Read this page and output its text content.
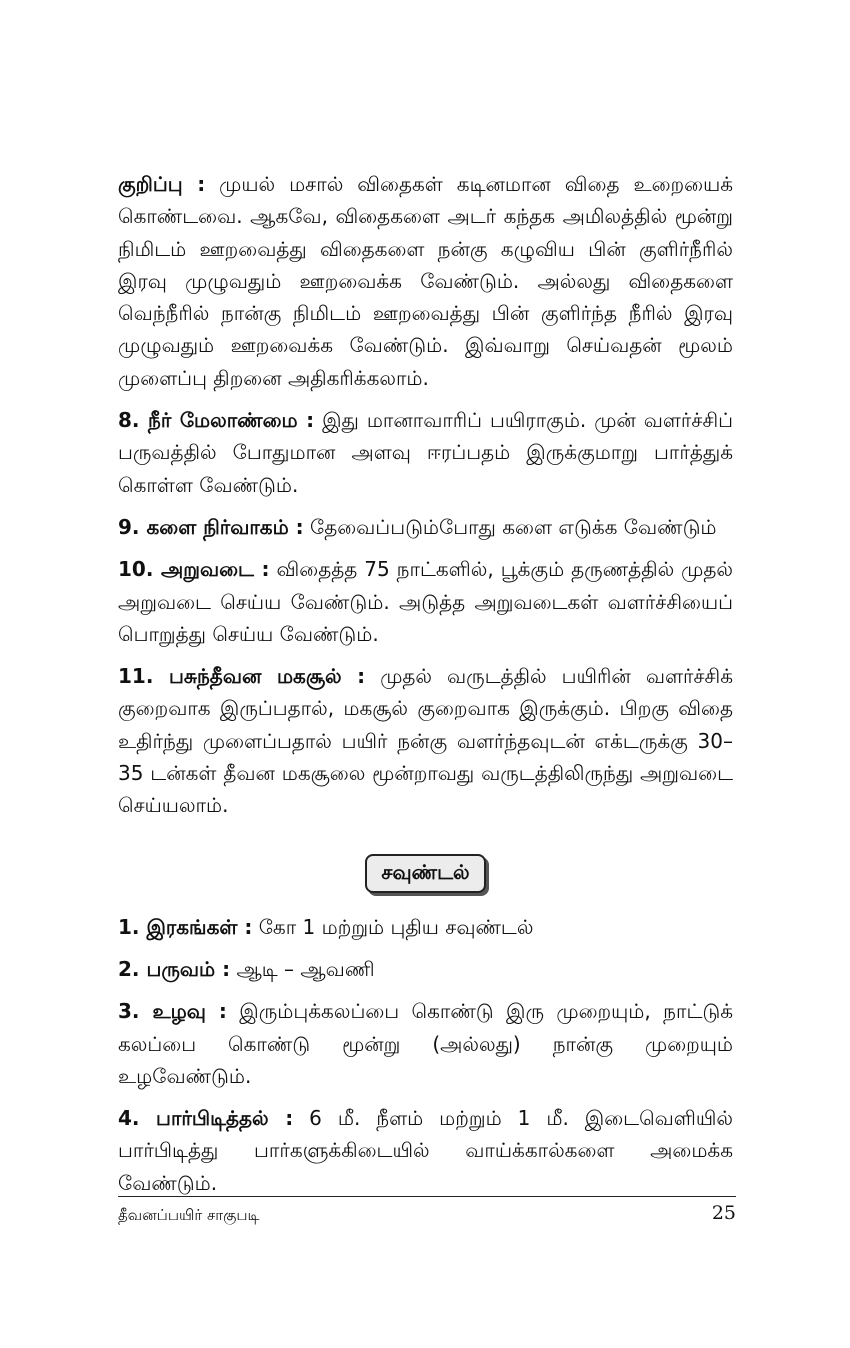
குறிப்பு : முயல் மசால் விதைகள் கடினமான விதை உறையைக் கொண்டவை. ஆகவே, விதைகளை அடர் கந்தக அமிலத்தில் மூன்று நிமிடம் ஊறவைத்து விதைகளை நன்கு கழுவிய பின் குளிர்நீரில் இரவு முழுவதும் ஊறவைக்க வேண்டும். அல்லது விதைகளை வெந்நீரில் நான்கு நிமிடம் ஊறவைத்து பின் குளிர்ந்த நீரில் இரவு முழுவதும் ஊறவைக்க வேண்டும். இவ்வாறு செய்வதன் மூலம் முளைப்பு திறனை அதிகரிக்கலாம்.

8. நீர் மேலாண்மை : இது மானாவாரிப் பயிராகும். முன் வளர்ச்சிப் பருவத்தில் போதுமான அளவு ஈரப்பதம் இருக்குமாறு பார்த்துக் கொள்ள வேண்டும்.

9. களை நிர்வாகம் : தேவைப்படும்போது களை எடுக்க வேண்டும்

10. அறுவடை : விதைத்த 75 நாட்களில், பூக்கும் தருணத்தில் முதல் அறுவடை செய்ய வேண்டும். அடுத்த அறுவடைகள் வளர்ச்சியைப் பொறுத்து செய்ய வேண்டும்.

11. பசுந்தீவன மகசூல் : முதல் வருடத்தில் பயிரின் வளர்ச்சிக் குறைவாக இருப்பதால், மகசூல் குறைவாக இருக்கும். பிறகு விதை உதிர்ந்து முளைப்பதால் பயிர் நன்கு வளர்ந்தவுடன் எக்டருக்கு 30–35 டன்கள் தீவன மகசூலை மூன்றாவது வருடத்திலிருந்து அறுவடை செய்யலாம்.

சவுண்டல்

1. இரகங்கள் : கோ 1 மற்றும் புதிய சவுண்டல்

2. பருவம் : ஆடி – ஆவணி

3. உழவு : இரும்புக்கலப்பை கொண்டு இரு முறையும், நாட்டுக் கலப்பை கொண்டு மூன்று (அல்லது) நான்கு முறையும் உழவேண்டும்.

4. பார்பிடித்தல் : 6 மீ. நீளம் மற்றும் 1 மீ. இடைவெளியில் பார்பிடித்து பார்களுக்கிடையில் வாய்க்கால்களை அமைக்க வேண்டும்.

தீவனப்பயிர் சாகுபடி	25
